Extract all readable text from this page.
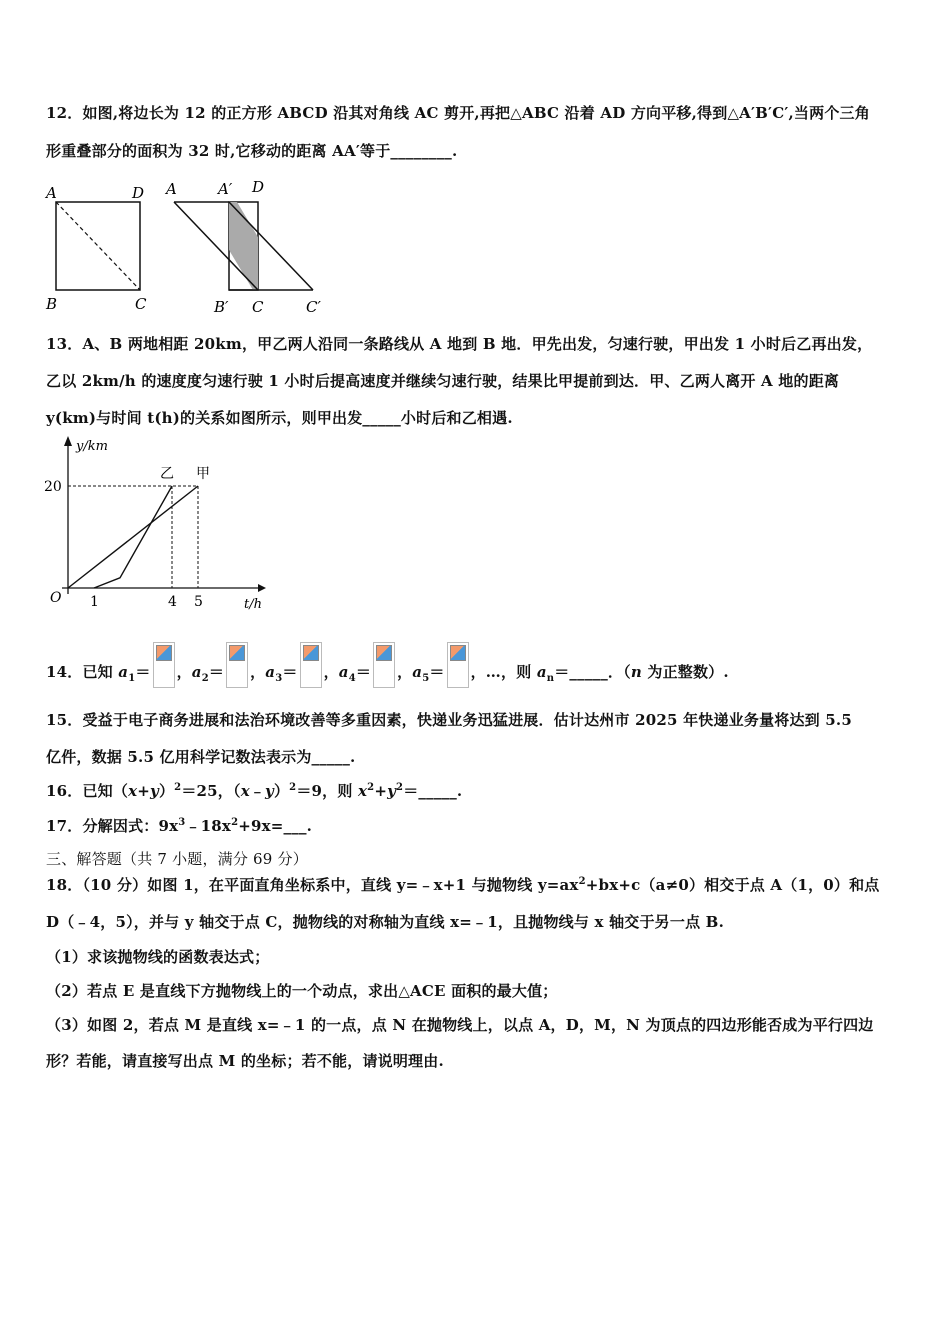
12．如图,将边长为 12 的正方形 ABCD 沿其对角线 AC 剪开,再把△ABC 沿着 AD 方向平移,得到△A′B′C′,当两个三角
形重叠部分的面积为 32 时,它移动的距离 AA′等于________.
A	D
B	C
A	A′ D
B′ C	C′
13．A、B 两地相距 20km，甲乙两人沿同一条路线从 A 地到 B 地．甲先出发，匀速行驶，甲出发 1 小时后乙再出发，
乙以 2km/h 的速度度匀速行驶 1 小时后提高速度并继续匀速行驶，结果比甲提前到达．甲、乙两人离开 A 地的距离
y(km)与时间 t(h)的关系如图所示，则甲出发_____小时后和乙相遇.
y/km
t/h
O
20
1	4 5
乙 甲
14．已知 $a_1=$ ，$a_2=$ ，$a_3=$ ，$a_4=$ ，$a_5=$ ，…，则 $a_n=\_\_\_\_\_$．（n 为正整数）.
15．受益于电子商务进展和法治环境改善等多重因素，快递业务迅猛进展．估计达州市 2025 年快递业务量将达到 5.5
亿件，数据 5.5 亿用科学记数法表示为_____.
16．已知$(x+y)^2=25$，（x﹣y）$^2$＝9，则 $x^2+y^2=\_\_\_\_\_$.
17．分解因式：$9x^3﹣18x^2+9x=\_\_\_$.
三、解答题（共 7 小题，满分 69 分）
18．（10 分）如图 1，在平面直角坐标系中，直线 y=﹣x+1 与抛物线 $y=ax^2+bx+c(a\ne 0)$相交于点 A（1，0）和点
D（﹣4，5），并与 y 轴交于点 C，抛物线的对称轴为直线 x=﹣1，且抛物线与 x 轴交于另一点 B.
（1）求该抛物线的函数表达式；
（2）若点 E 是直线下方抛物线上的一个动点，求出△ACE 面积的最大值；
（3）如图 2，若点 M 是直线 x=﹣1 的一点，点 N 在抛物线上，以点 A，D，M，N 为顶点的四边形能否成为平行四边
形？若能，请直接写出点 M 的坐标；若不能，请说明理由.
